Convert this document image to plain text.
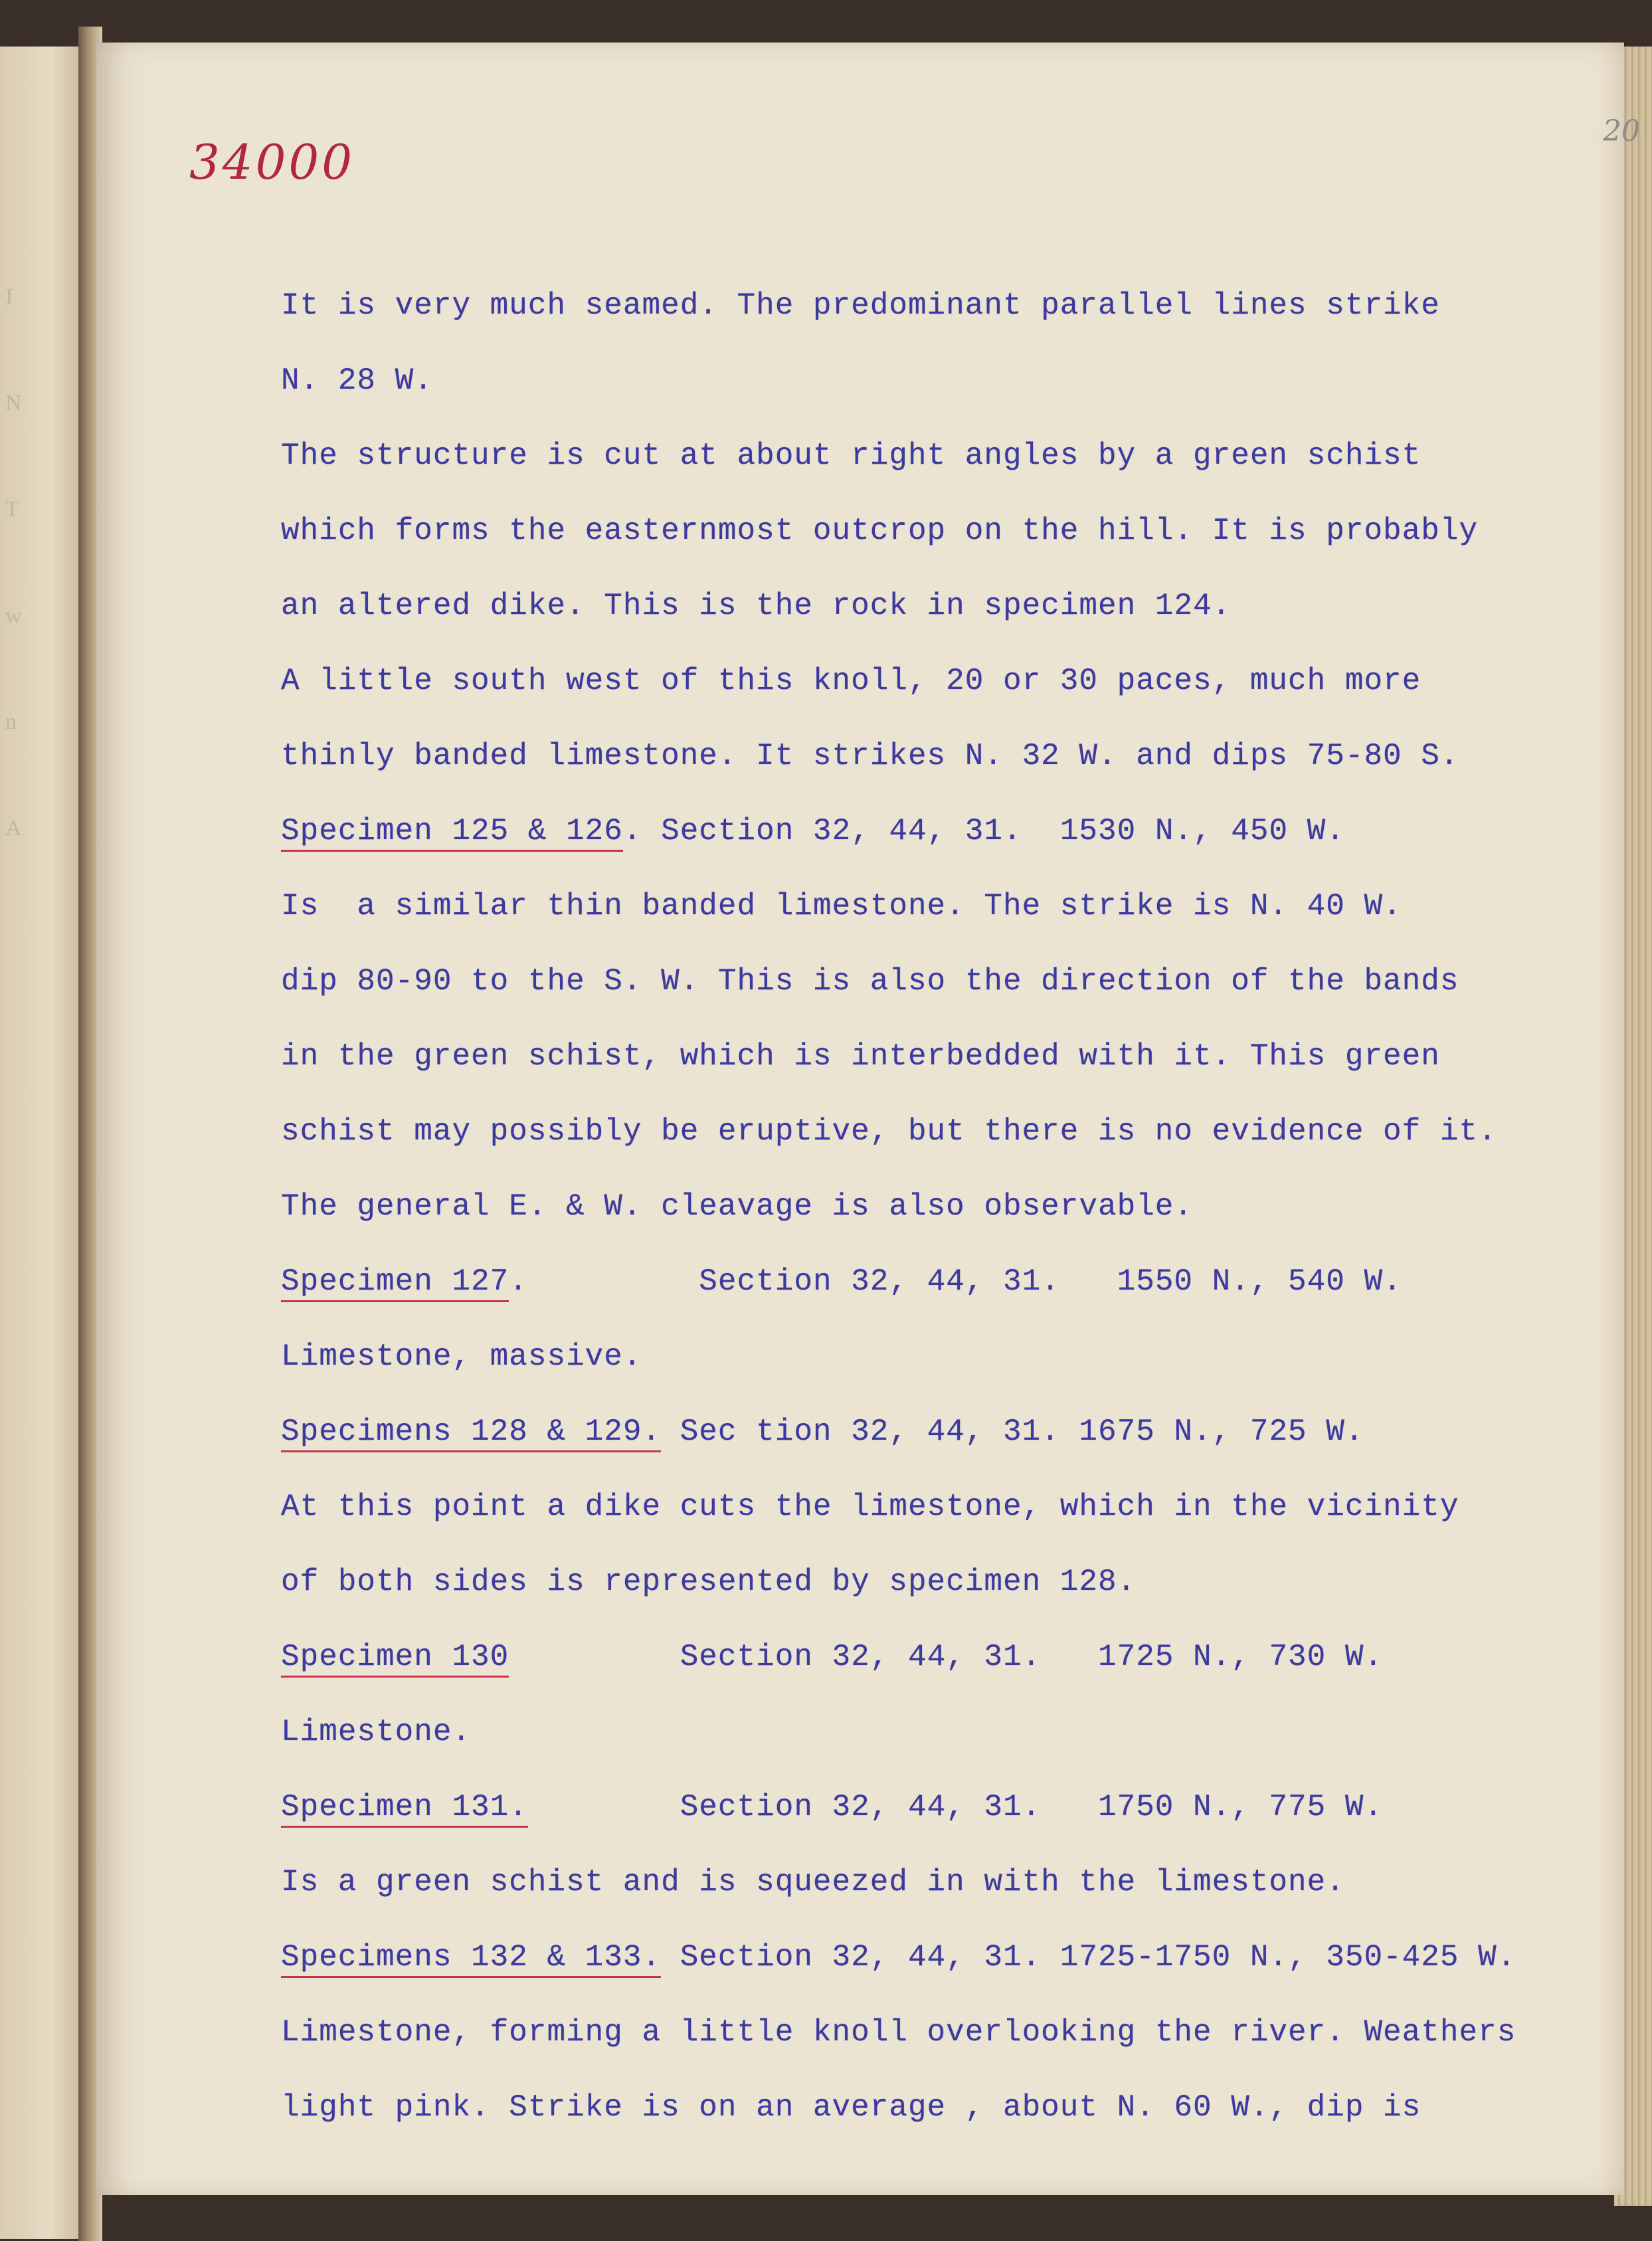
I
N
T
w
n
A
34000
20
It is very much seamed. The predominant parallel lines strike
N. 28 W.
The structure is cut at about right angles by a green schist
which forms the easternmost outcrop on the hill. It is probably
an altered dike. This is the rock in specimen 124.
A little south west of this knoll, 20 or 30 paces, much more
thinly banded limestone. It strikes N. 32 W. and dips 75-80 S.
Specimen 125 & 126. Section 32, 44, 31.  1530 N., 450 W.
Is  a similar thin banded limestone. The strike is N. 40 W.
dip 80-90 to the S. W. This is also the direction of the bands
in the green schist, which is interbedded with it. This green
schist may possibly be eruptive, but there is no evidence of it.
The general E. & W. cleavage is also observable.
Specimen 127.         Section 32, 44, 31.   1550 N., 540 W.
Limestone, massive.
Specimens 128 & 129. Sec tion 32, 44, 31. 1675 N., 725 W.
At this point a dike cuts the limestone, which in the vicinity
of both sides is represented by specimen 128.
Specimen 130         Section 32, 44, 31.   1725 N., 730 W.
Limestone.
Specimen 131.        Section 32, 44, 31.   1750 N., 775 W.
Is a green schist and is squeezed in with the limestone.
Specimens 132 & 133. Section 32, 44, 31. 1725-1750 N., 350-425 W.
Limestone, forming a little knoll overlooking the river. Weathers
light pink. Strike is on an average , about N. 60 W., dip is
